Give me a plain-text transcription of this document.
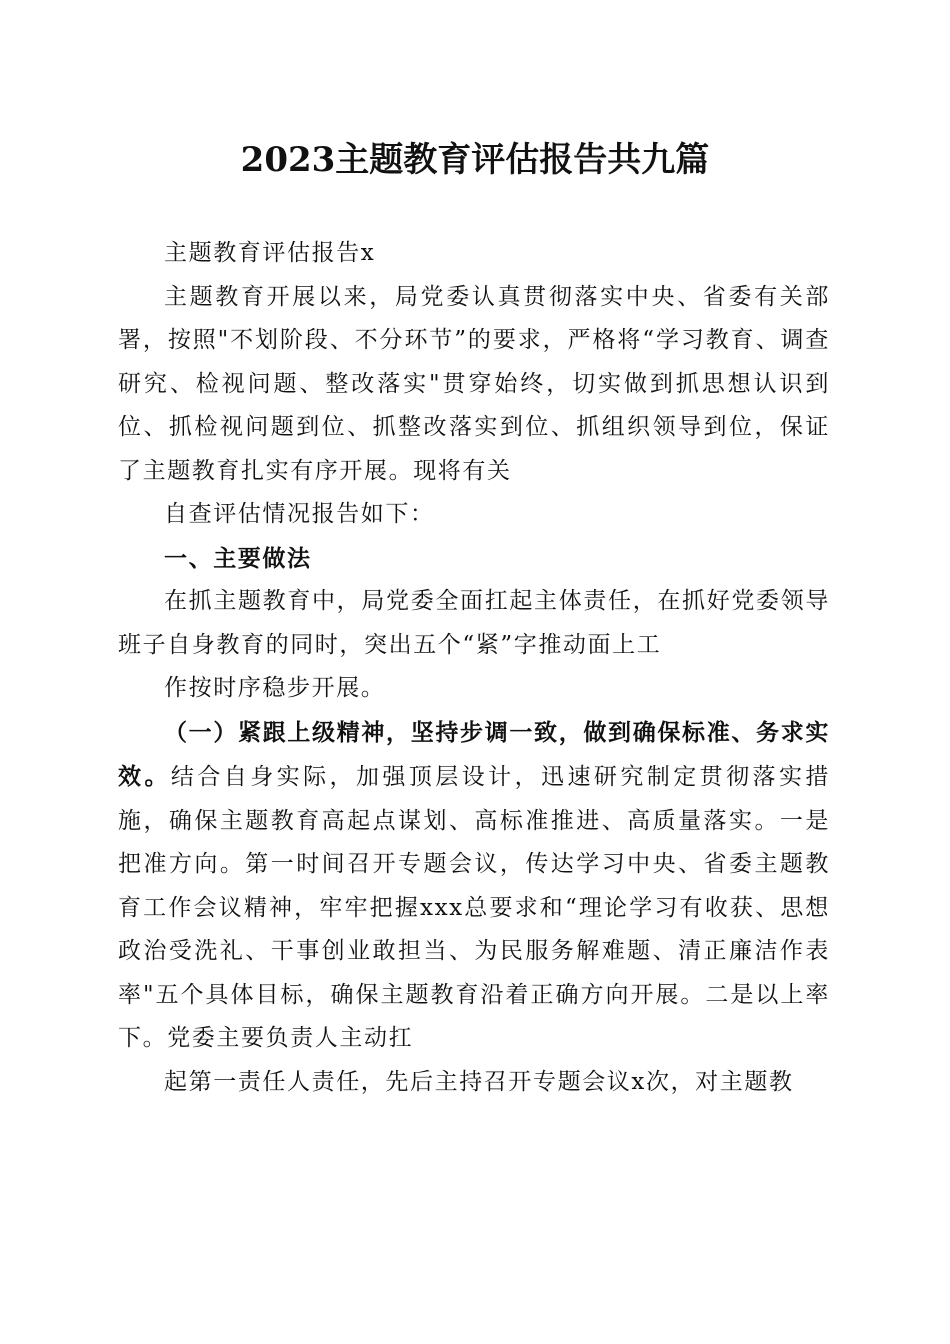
2023主题教育评估报告共九篇

主题教育评估报告x

主题教育开展以来，局党委认真贯彻落实中央、省委有关部署，按照"不划阶段、不分环节”的要求，严格将“学习教育、调查研究、检视问题、整改落实"贯穿始终，切实做到抓思想认识到位、抓检视问题到位、抓整改落实到位、抓组织领导到位，保证了主题教育扎实有序开展。现将有关

自查评估情况报告如下：

一、主要做法

在抓主题教育中，局党委全面扛起主体责任，在抓好党委领导班子自身教育的同时，突出五个“紧”字推动面上工

作按时序稳步开展。

（一）紧跟上级精神，坚持步调一致，做到确保标准、务求实效。结合自身实际，加强顶层设计，迅速研究制定贯彻落实措施，确保主题教育高起点谋划、高标准推进、高质量落实。一是把准方向。第一时间召开专题会议，传达学习中央、省委主题教育工作会议精神，牢牢把握xxx总要求和“理论学习有收获、思想政治受洗礼、干事创业敢担当、为民服务解难题、清正廉洁作表率"五个具体目标，确保主题教育沿着正确方向开展。二是以上率下。党委主要负责人主动扛

起第一责任人责任，先后主持召开专题会议x次，对主题教
